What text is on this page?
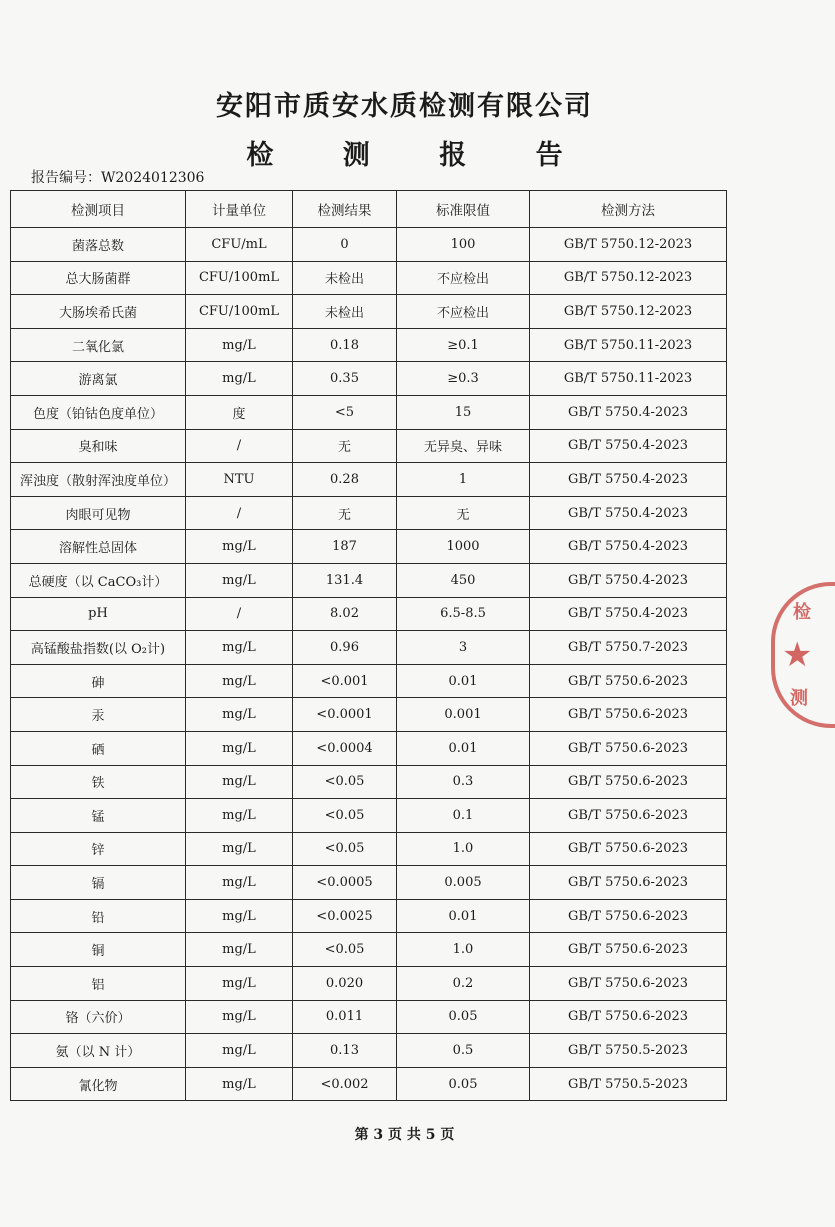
安阳市质安水质检测有限公司
检 测 报 告
报告编号：W2024012306
检测项目	计量单位	检测结果	标准限值	检测方法
菌落总数	CFU/mL	0	100	GB/T 5750.12-2023
总大肠菌群	CFU/100mL	未检出	不应检出	GB/T 5750.12-2023
大肠埃希氏菌	CFU/100mL	未检出	不应检出	GB/T 5750.12-2023
二氧化氯	mg/L	0.18	≥0.1	GB/T 5750.11-2023
游离氯	mg/L	0.35	≥0.3	GB/T 5750.11-2023
色度（铂钴色度单位）	度	<5	15	GB/T 5750.4-2023
臭和味	/	无	无异臭、异味	GB/T 5750.4-2023
浑浊度（散射浑浊度单位）	NTU	0.28	1	GB/T 5750.4-2023
肉眼可见物	/	无	无	GB/T 5750.4-2023
溶解性总固体	mg/L	187	1000	GB/T 5750.4-2023
总硬度（以 CaCO₃计）	mg/L	131.4	450	GB/T 5750.4-2023
pH	/	8.02	6.5-8.5	GB/T 5750.4-2023
高锰酸盐指数(以 O₂计)	mg/L	0.96	3	GB/T 5750.7-2023
砷	mg/L	<0.001	0.01	GB/T 5750.6-2023
汞	mg/L	<0.0001	0.001	GB/T 5750.6-2023
硒	mg/L	<0.0004	0.01	GB/T 5750.6-2023
铁	mg/L	<0.05	0.3	GB/T 5750.6-2023
锰	mg/L	<0.05	0.1	GB/T 5750.6-2023
锌	mg/L	<0.05	1.0	GB/T 5750.6-2023
镉	mg/L	<0.0005	0.005	GB/T 5750.6-2023
铅	mg/L	<0.0025	0.01	GB/T 5750.6-2023
铜	mg/L	<0.05	1.0	GB/T 5750.6-2023
铝	mg/L	0.020	0.2	GB/T 5750.6-2023
铬（六价）	mg/L	0.011	0.05	GB/T 5750.6-2023
氨（以 N 计）	mg/L	0.13	0.5	GB/T 5750.5-2023
氰化物	mg/L	<0.002	0.05	GB/T 5750.5-2023
检
★
测
第 3 页 共 5 页
